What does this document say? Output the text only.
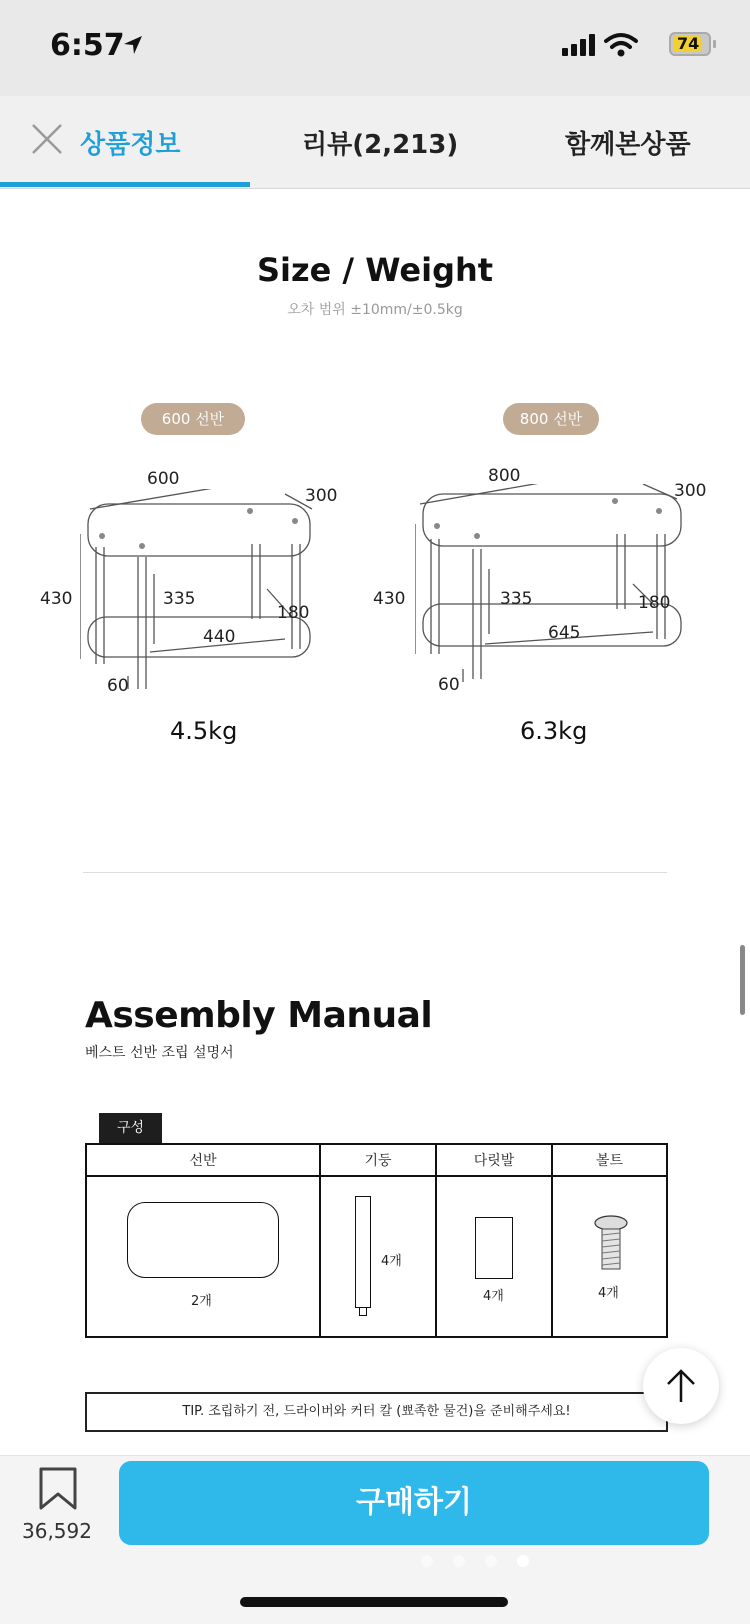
6:57	74
상품정보	리뷰(2,213)	함께본상품
Size / Weight
오차 범위 ±10mm/±0.5kg
600 선반
600
300
430	335
180
440
60
4.5kg
800 선반
800
300
430	335	180
645
60
6.3kg
Assembly Manual
베스트 선반 조립 설명서
구성
선반	기둥	다릿발	볼트

2개	4개	4개	4개
TIP. 조립하기 전, 드라이버와 커터 칼 (뾰족한 물건)을 준비해주세요!
36,592
구매하기
